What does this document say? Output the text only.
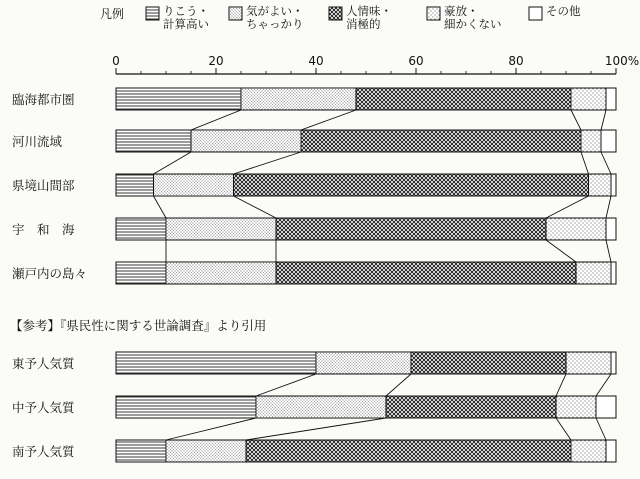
凡例	りこう・
計算高い
気がよい・
ちゃっかり
人情味・
消極的
豪放・
細かくない
その他
0	20	40	60	80	100%
臨海都市圏
河川流域
県境山間部
宇　和　海
瀬戸内の島々
【参考】『県民性に関する世論調査』より引用
東予人気質
中予人気質
南予人気質
